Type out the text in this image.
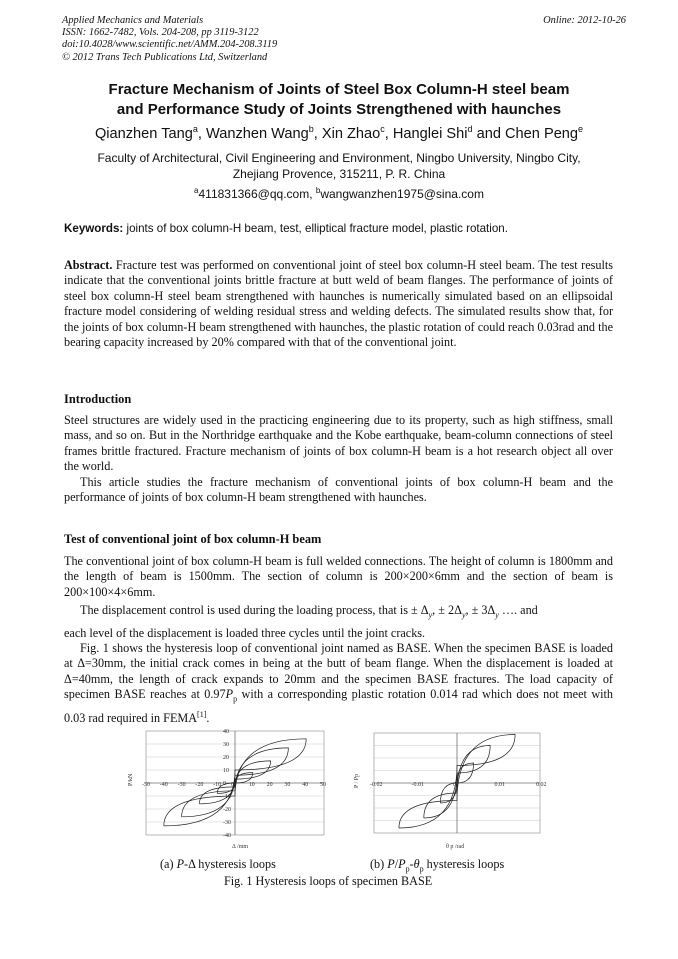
Applied Mechanics and Materials
ISSN: 1662-7482, Vols. 204-208, pp 3119-3122
doi:10.4028/www.scientific.net/AMM.204-208.3119
© 2012 Trans Tech Publications Ltd, Switzerland
Online: 2012-10-26
Fracture Mechanism of Joints of Steel Box Column-H steel beam
and Performance Study of Joints Strengthened with haunches
Qianzhen Tang$^a$, Wanzhen Wang$^b$, Xin Zhao$^c$, Hanglei Shi$^d$ and Chen Peng$^e$
Faculty of Architectural, Civil Engineering and Environment, Ningbo University, Ningbo City,
Zhejiang Provence, 315211, P. R. China
$^a$411831366@qq.com, $^b$wangwanzhen1975@sina.com
Keywords: joints of box column-H beam, test, elliptical fracture model, plastic rotation.

Abstract. Fracture test was performed on conventional joint of steel box column-H steel beam. The test results indicate that the conventional joints brittle fracture at butt weld of beam flanges. The performance of joints of steel box column-H steel beam strengthened with haunches is numerically simulated based on an ellipsoidal fracture model considering of welding residual stress and welding defects. The simulated results show that, for the joints of box column-H beam strengthened with haunches, the plastic rotation of could reach 0.03rad and the bearing capacity increased by 20% compared with that of the conventional joint.

Introduction

Steel structures are widely used in the practicing engineering due to its property, such as high stiffness, small mass, and so on. But in the Northridge earthquake and the Kobe earthquake, beam-column connections of steel frames brittle fractured. Fracture mechanism of joints of box column-H beam is a hot research object all over the world.

This article studies the fracture mechanism of conventional joints of box column-H beam and the performance of joints of box column-H beam strengthened with haunches.

Test of conventional joint of box column-H beam

The conventional joint of box column-H beam is full welded connections. The height of column is 1800mm and the length of beam is 1500mm. The section of column is 200×200×6mm and the section of beam is 200×100×4×6mm.

The displacement control is used during the loading process, that is ± $\Delta_y$, ± $2\Delta_y$, ± $3\Delta_y$ …. and

each level of the displacement is loaded three cycles until the joint cracks.

Fig. 1 shows the hysteresis loop of conventional joint named as BASE. When the specimen BASE is loaded at Δ=30mm, the initial crack comes in being at the butt of beam flange. When the displacement is loaded at Δ=40mm, the length of crack expands to 20mm and the specimen BASE fractures. The load capacity of specimen BASE reaches at $0.97P_p$ with a corresponding plastic rotation 0.014 rad which does not meet with 0.03 rad required in FEMA[1].

-50 -40 -30 -20 -10 0 10 20 30 40 50
40
30
20
10
0
-10
-20
-30
-40
P/kN
Δ /mm
-0.02	-0.01	0	0.01	0.02
P / Pp
θ p /rad
(a) P-Δ hysteresis loops	(b) $P/P_p-\theta_p$ hysteresis loops
Fig. 1 Hysteresis loops of specimen BASE
